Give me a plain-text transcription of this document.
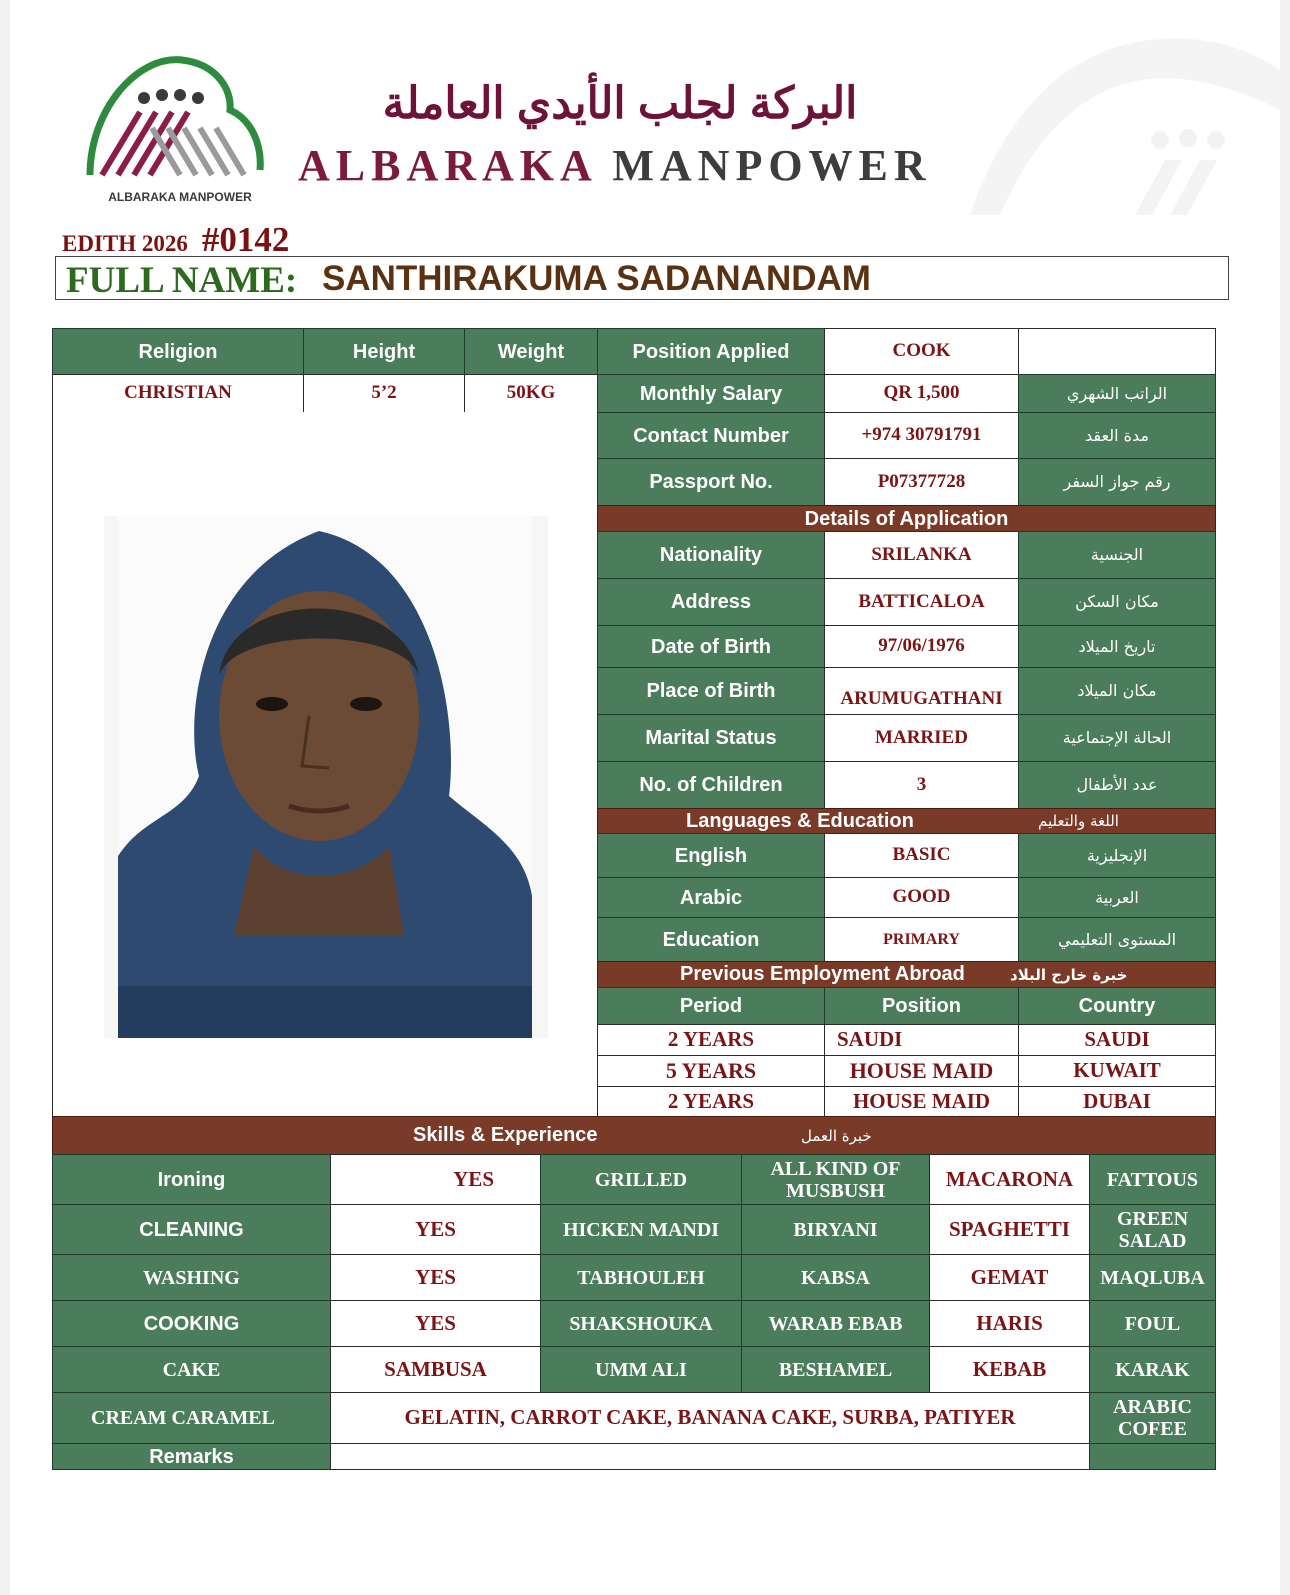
ALBARAKA MANPOWER
البركة لجلب الأيدي العاملة
ALBARAKA MANPOWER
EDITH 2026 #0142
FULL NAME: SANTHIRAKUMA SADANANDAM
Religion	Height	Weight
CHRISTIAN	5’2	50KG
Position Applied	COOK
Monthly Salary	QR 1,500	الراتب الشهري
Contact Number	+974 30791791	مدة العقد
Passport No.	P07377728	رقم جواز السفر
Details of Application
Nationality	SRILANKA	الجنسية
Address	BATTICALOA	مكان السكن
Date of Birth	97/06/1976	تاريخ الميلاد
Place of Birth	ARUMUGATHANI	مكان الميلاد
Marital Status	MARRIED	الحالة الإجتماعية
No. of Children	3	عدد الأطفال
Languages & Education	اللغة والتعليم
English	BASIC	الإنجليزية
Arabic	GOOD	العربية
Education	PRIMARY	المستوى التعليمي
Previous Employment Abroad	خبرة خارج البلاد
Period	Position	Country
2 YEARS	SAUDI	SAUDI
5 YEARS	HOUSE MAID	KUWAIT
2 YEARS	HOUSE MAID	DUBAI
Skills & Experience	خبرة العمل
Ironing	YES	GRILLED	ALL KIND OF MUSBUSH	MACARONA	FATTOUS
CLEANING	YES	HICKEN MANDI	BIRYANI	SPAGHETTI	GREEN SALAD
WASHING	YES	TABHOULEH	KABSA	GEMAT	MAQLUBA
COOKING	YES	SHAKSHOUKA	WARAB EBAB	HARIS	FOUL
CAKE	SAMBUSA	UMM ALI	BESHAMEL	KEBAB	KARAK
CREAM CARAMEL	GELATIN, CARROT CAKE, BANANA CAKE, SURBA, PATIYER	ARABIC COFEE
Remarks
